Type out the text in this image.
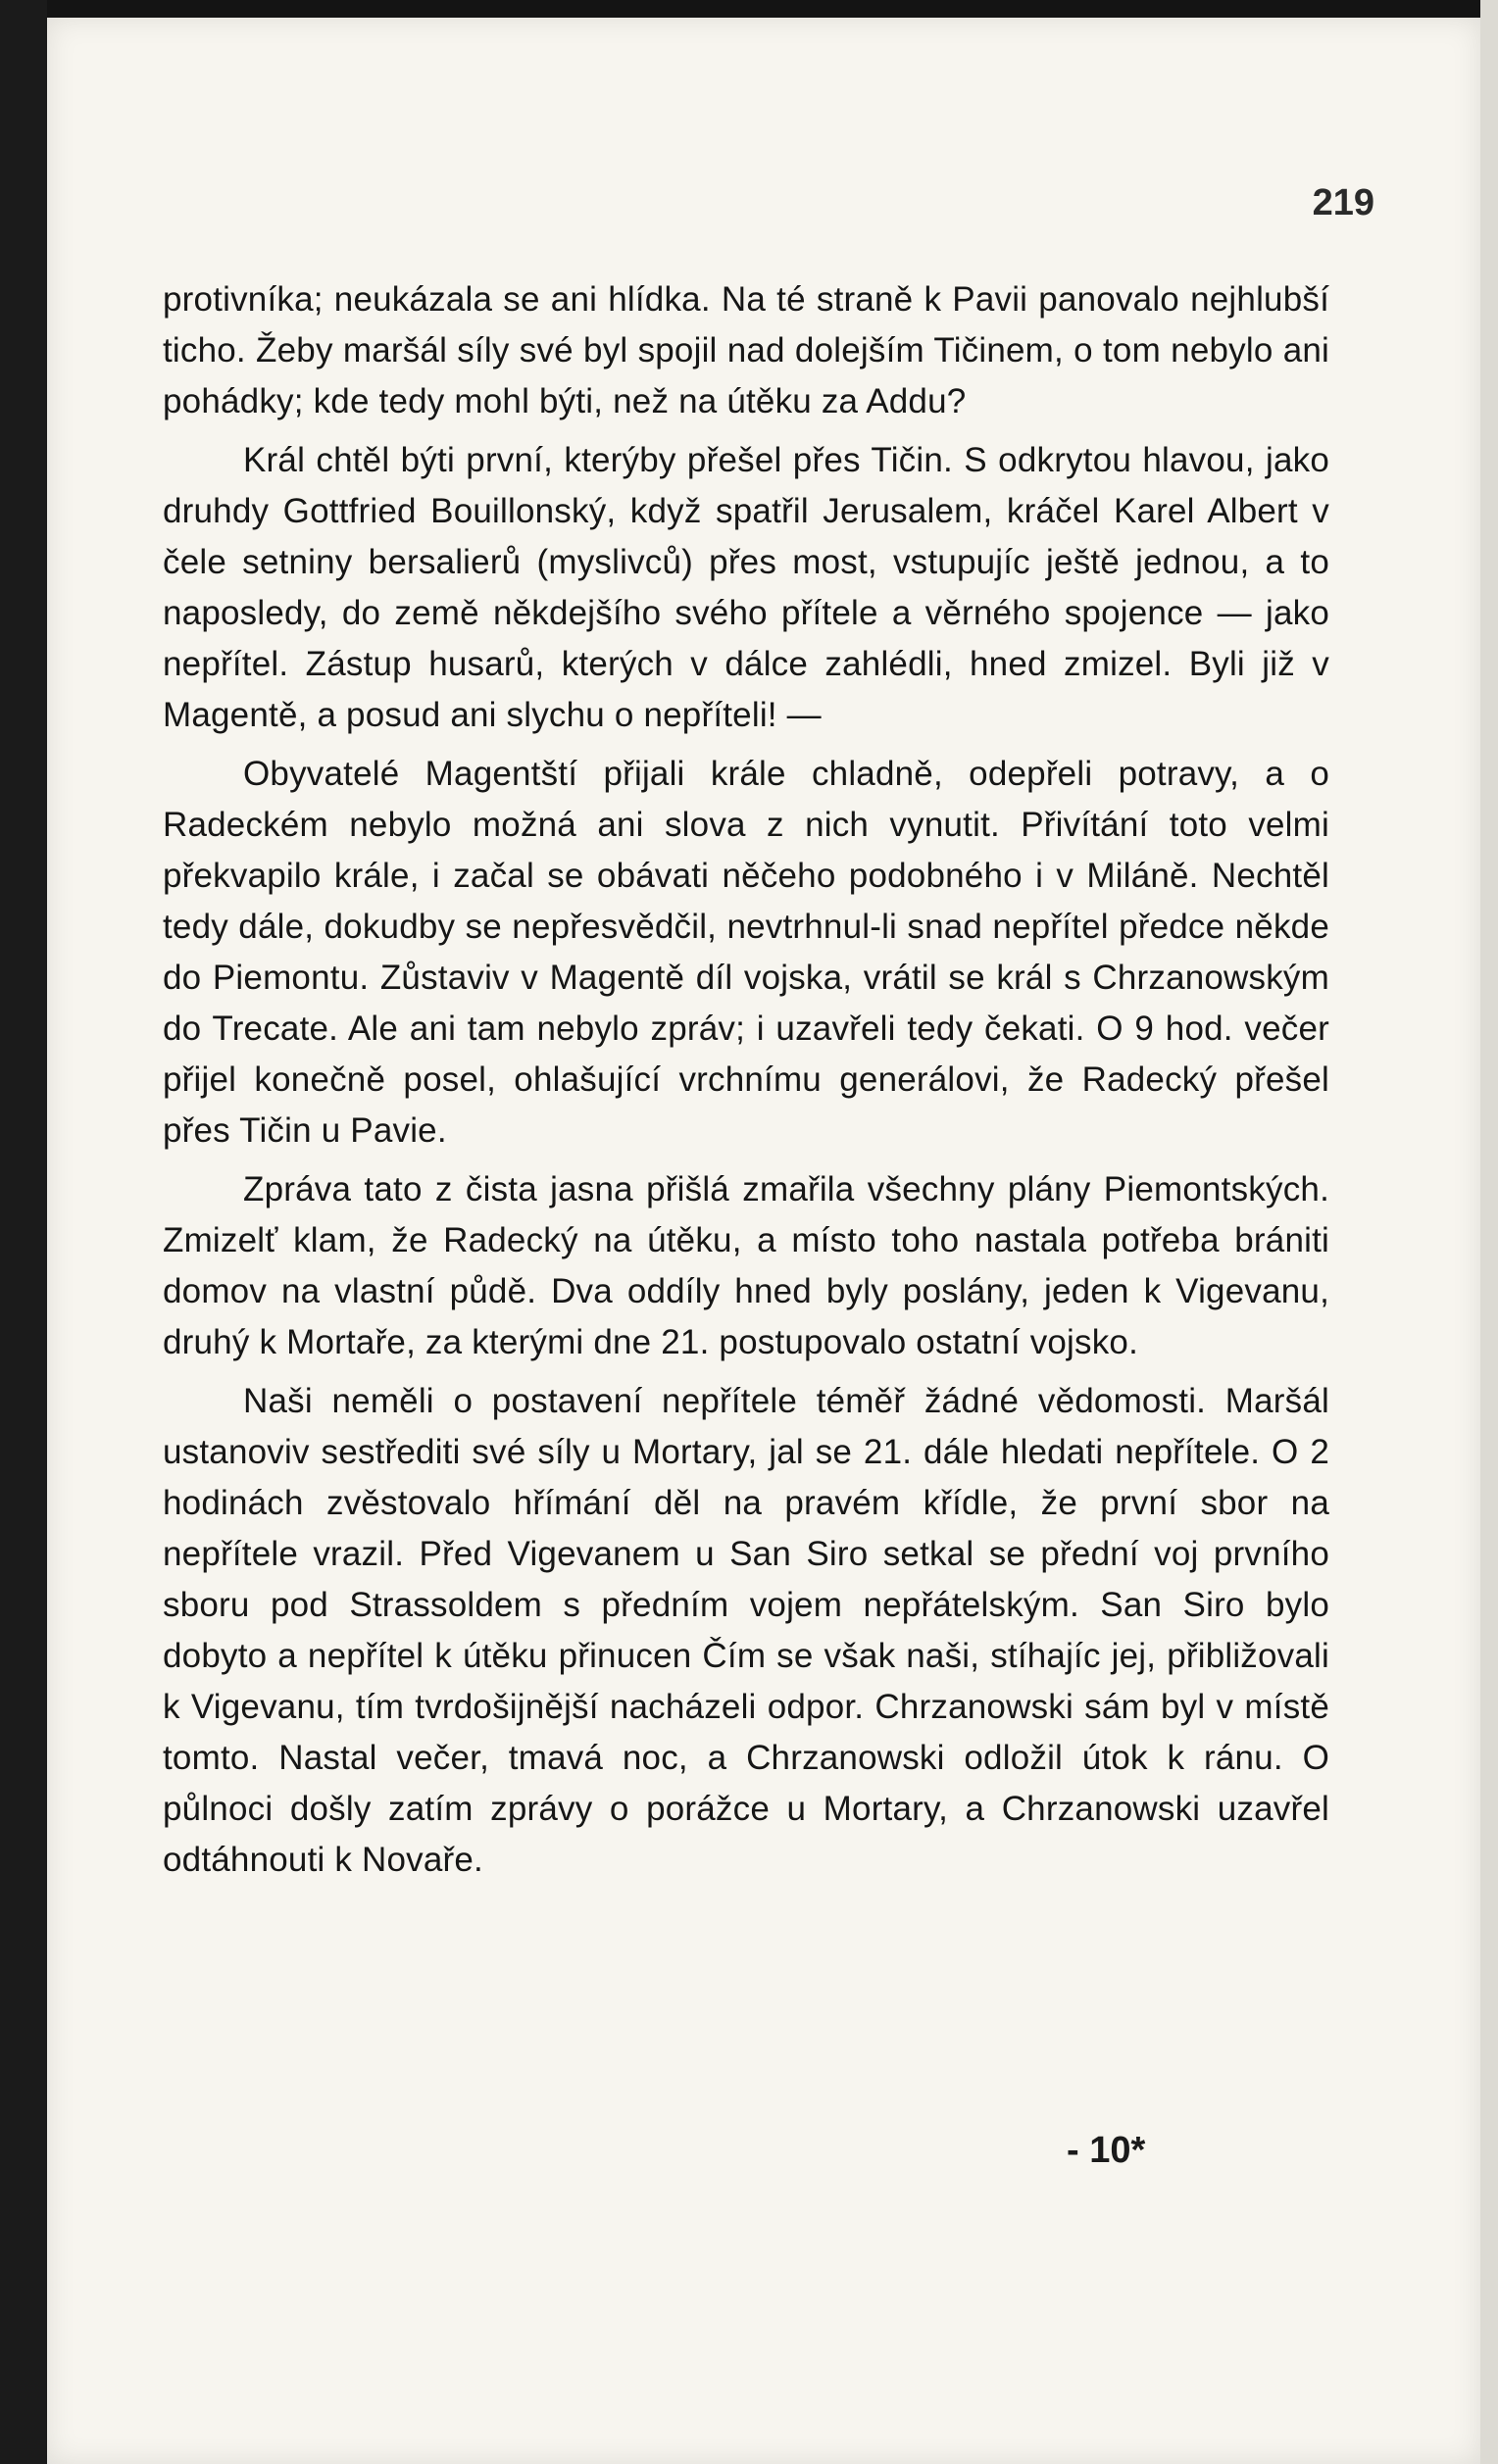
219

protivníka; neukázala se ani hlídka. Na té straně k Pavii panovalo nejhlubší ticho. Žeby maršál síly své byl spojil nad dolejším Tičinem, o tom nebylo ani pohádky; kde tedy mohl býti, než na útěku za Addu?

Král chtěl býti první, kterýby přešel přes Tičin. S odkrytou hlavou, jako druhdy Gottfried Bouillonský, když spatřil Jerusalem, kráčel Karel Albert v čele setniny bersalierů (myslivců) přes most, vstupujíc ještě jednou, a to naposledy, do země někdejšího svého přítele a věrného spojence — jako nepřítel. Zástup husarů, kterých v dálce zahlédli, hned zmizel. Byli již v Magentě, a posud ani slychu o nepříteli! —

Obyvatelé Magentští přijali krále chladně, odepřeli potravy, a o Radeckém nebylo možná ani slova z nich vynutit. Přivítání toto velmi překvapilo krále, i začal se obávati něčeho podobného i v Miláně. Nechtěl tedy dále, dokudby se nepřesvědčil, nevtrhnul-li snad nepřítel předce někde do Piemontu. Zůstaviv v Magentě díl vojska, vrátil se král s Chrzanowským do Trecate. Ale ani tam nebylo zpráv; i uzavřeli tedy čekati. O 9 hod. večer přijel konečně posel, ohlašující vrchnímu generálovi, že Radecký přešel přes Tičin u Pavie.

Zpráva tato z čista jasna přišlá zmařila všechny plány Piemontských. Zmizelť klam, že Radecký na útěku, a místo toho nastala potřeba brániti domov na vlastní půdě. Dva oddíly hned byly poslány, jeden k Vigevanu, druhý k Mortaře, za kterými dne 21. postupovalo ostatní vojsko.

Naši neměli o postavení nepřítele téměř žádné vědomosti. Maršál ustanoviv sestřediti své síly u Mortary, jal se 21. dále hledati nepřítele. O 2 hodinách zvěstovalo hřímání děl na pravém křídle, že první sbor na nepřítele vrazil. Před Vigevanem u San Siro setkal se přední voj prvního sboru pod Strassoldem s předním vojem nepřátelským. San Siro bylo dobyto a nepřítel k útěku přinucen Čím se však naši, stíhajíc jej, přibližovali k Vigevanu, tím tvrdošijnější nacházeli odpor. Chrzanowski sám byl v místě tomto. Nastal večer, tmavá noc, a Chrzanowski odložil útok k ránu. O půlnoci došly zatím zprávy o porážce u Mortary, a Chrzanowski uzavřel odtáhnouti k Novaře.

- 10*
